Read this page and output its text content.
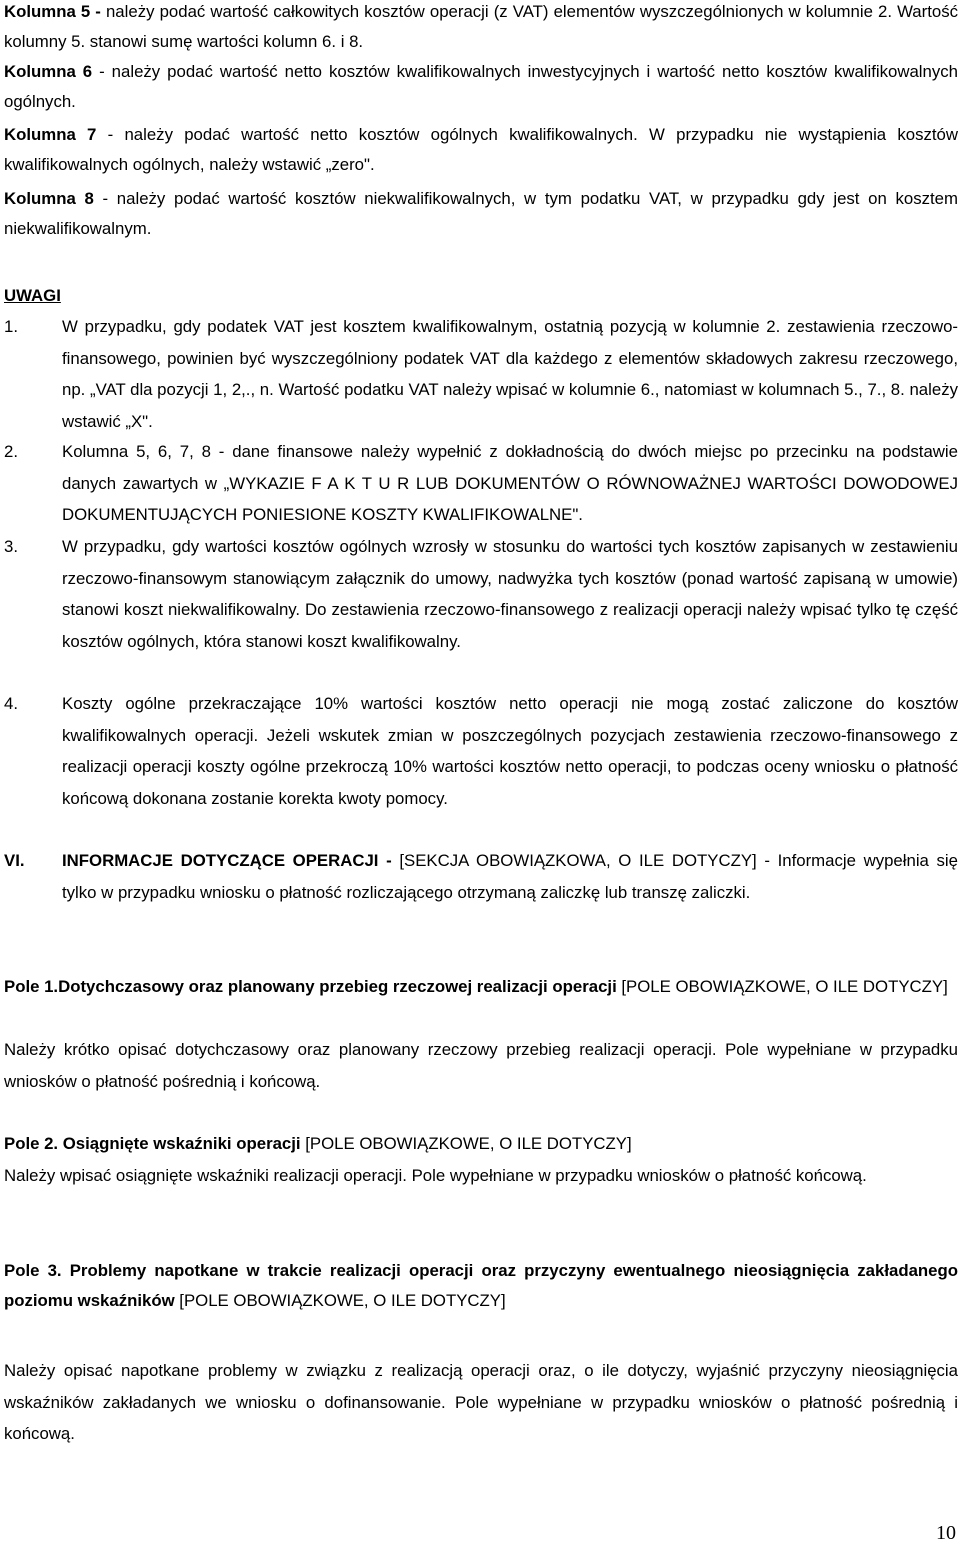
Kolumna 5 - należy podać wartość całkowitych kosztów operacji (z VAT) elementów wyszczególnionych w kolumnie 2. Wartość kolumny 5. stanowi sumę wartości kolumn 6. i 8.
Kolumna 6 - należy podać wartość netto kosztów kwalifikowalnych inwestycyjnych i wartość netto kosztów kwalifikowalnych ogólnych.
Kolumna 7 - należy podać wartość netto kosztów ogólnych kwalifikowalnych. W przypadku nie wystąpienia kosztów kwalifikowalnych ogólnych, należy wstawić „zero".
Kolumna 8 - należy podać wartość kosztów niekwalifikowalnych, w tym podatku VAT, w przypadku gdy jest on kosztem niekwalifikowalnym.
UWAGI
1.	W przypadku, gdy podatek VAT jest kosztem kwalifikowalnym, ostatnią pozycją w kolumnie 2. zestawienia rzeczowo-finansowego, powinien być wyszczególniony podatek VAT dla każdego z elementów składowych zakresu rzeczowego, np. „VAT dla pozycji 1, 2,., n. Wartość podatku VAT należy wpisać w kolumnie 6., natomiast w kolumnach 5., 7., 8. należy wstawić „X".
2.	Kolumna 5, 6, 7, 8 - dane finansowe należy wypełnić z dokładnością do dwóch miejsc po przecinku na podstawie danych zawartych w „WYKAZIE F A K T U R LUB DOKUMENTÓW O RÓWNOWAŻNEJ WARTOŚCI DOWODOWEJ DOKUMENTUJĄCYCH PONIESIONE KOSZTY KWALIFIKOWALNE".
3.	W przypadku, gdy wartości kosztów ogólnych wzrosły w stosunku do wartości tych kosztów zapisanych w zestawieniu rzeczowo-finansowym stanowiącym załącznik do umowy, nadwyżka tych kosztów (ponad wartość zapisaną w umowie) stanowi koszt niekwalifikowalny. Do zestawienia rzeczowo-finansowego z realizacji operacji należy wpisać tylko tę część kosztów ogólnych, która stanowi koszt kwalifikowalny.
4.	Koszty ogólne przekraczające 10% wartości kosztów netto operacji nie mogą zostać zaliczone do kosztów kwalifikowalnych operacji. Jeżeli wskutek zmian w poszczególnych pozycjach zestawienia rzeczowo-finansowego z realizacji operacji koszty ogólne przekroczą 10% wartości kosztów netto operacji, to podczas oceny wniosku o płatność końcową dokonana zostanie korekta kwoty pomocy.
VI.	INFORMACJE DOTYCZĄCE OPERACJI - [SEKCJA OBOWIĄZKOWA, O ILE DOTYCZY] - Informacje wypełnia się tylko w przypadku wniosku o płatność rozliczającego otrzymaną zaliczkę lub transzę zaliczki.
Pole 1.Dotychczasowy oraz planowany przebieg rzeczowej realizacji operacji [POLE OBOWIĄZKOWE, O ILE DOTYCZY]
Należy krótko opisać dotychczasowy oraz planowany rzeczowy przebieg realizacji operacji. Pole wypełniane w przypadku wniosków o płatność pośrednią i końcową.
Pole 2. Osiągnięte wskaźniki operacji [POLE OBOWIĄZKOWE, O ILE DOTYCZY]
Należy wpisać osiągnięte wskaźniki realizacji operacji. Pole wypełniane w przypadku wniosków o płatność końcową.
Pole 3. Problemy napotkane w trakcie realizacji operacji oraz przyczyny ewentualnego nieosiągnięcia zakładanego poziomu wskaźników [POLE OBOWIĄZKOWE, O ILE DOTYCZY]
Należy opisać napotkane problemy w związku z realizacją operacji oraz, o ile dotyczy, wyjaśnić przyczyny nieosiągnięcia wskaźników zakładanych we wniosku o dofinansowanie. Pole wypełniane w przypadku wniosków o płatność pośrednią i końcową.
10
